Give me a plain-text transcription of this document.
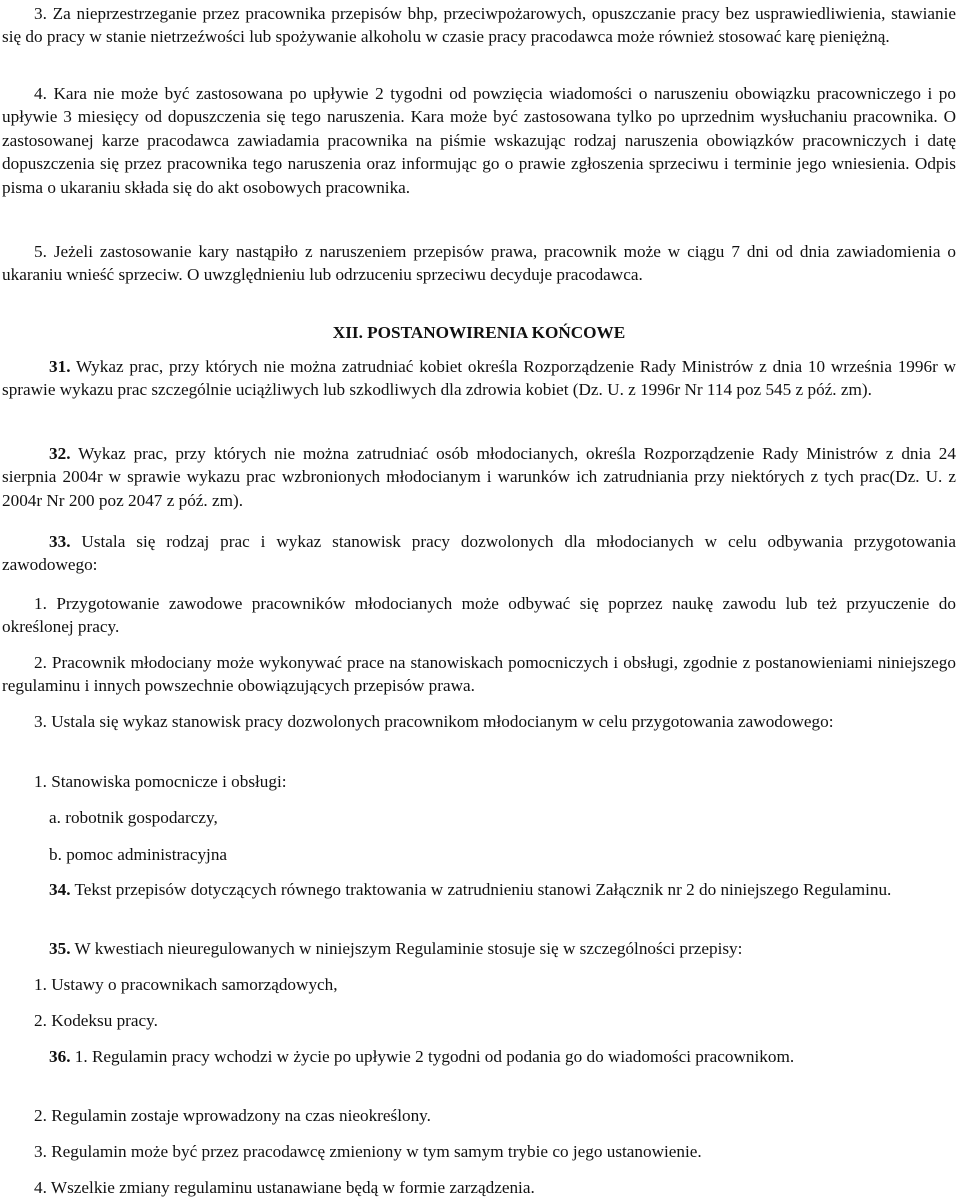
3. Za nieprzestrzeganie przez pracownika przepisów bhp, przeciwpożarowych, opuszczanie pracy bez usprawiedliwienia, stawianie się do pracy w stanie nietrzeźwości lub spożywanie alkoholu w czasie pracy pracodawca może również stosować karę pieniężną.

4. Kara nie może być zastosowana po upływie 2 tygodni od powzięcia wiadomości o naruszeniu obowiązku pracowniczego i po upływie 3 miesięcy od dopuszczenia się tego naruszenia. Kara może być zastosowana tylko po uprzednim wysłuchaniu pracownika. O zastosowanej karze pracodawca zawiadamia pracownika na piśmie wskazując rodzaj naruszenia obowiązków pracowniczych i datę dopuszczenia się przez pracownika tego naruszenia oraz informując go o prawie zgłoszenia sprzeciwu i terminie jego wniesienia. Odpis pisma o ukaraniu składa się do akt osobowych pracownika.

5. Jeżeli zastosowanie kary nastąpiło z naruszeniem przepisów prawa, pracownik może w ciągu 7 dni od dnia zawiadomienia o ukaraniu wnieść sprzeciw. O uwzględnieniu lub odrzuceniu sprzeciwu decyduje pracodawca.

XII. POSTANOWIRENIA KOŃCOWE

31. Wykaz prac, przy których nie można zatrudniać kobiet określa Rozporządzenie Rady Ministrów z dnia 10 września 1996r w sprawie wykazu prac szczególnie uciążliwych lub szkodliwych dla zdrowia kobiet (Dz. U. z 1996r Nr 114 poz 545 z póź. zm).

32. Wykaz prac, przy których nie można zatrudniać osób młodocianych, określa Rozporządzenie Rady Ministrów z dnia 24 sierpnia 2004r w sprawie wykazu prac wzbronionych młodocianym i warunków ich zatrudniania przy niektórych z tych prac(Dz. U. z 2004r Nr 200 poz 2047 z póź. zm).

33. Ustala się rodzaj prac i wykaz stanowisk pracy dozwolonych dla młodocianych w celu odbywania przygotowania zawodowego:

1. Przygotowanie zawodowe pracowników młodocianych może odbywać się poprzez naukę zawodu lub też przyuczenie do określonej pracy.

2. Pracownik młodociany może wykonywać prace na stanowiskach pomocniczych i obsługi, zgodnie z postanowieniami niniejszego regulaminu i innych powszechnie obowiązujących przepisów prawa.

3. Ustala się wykaz stanowisk pracy dozwolonych pracownikom młodocianym w celu przygotowania zawodowego:

1. Stanowiska pomocnicze i obsługi:

a. robotnik gospodarczy,

b. pomoc administracyjna

34. Tekst przepisów dotyczących równego traktowania w zatrudnieniu stanowi Załącznik nr 2 do niniejszego Regulaminu.

35. W kwestiach nieuregulowanych w niniejszym Regulaminie stosuje się w szczególności przepisy:

1. Ustawy o pracownikach samorządowych,

2. Kodeksu pracy.

36. 1. Regulamin pracy wchodzi w życie po upływie 2 tygodni od podania go do wiadomości pracownikom.

2. Regulamin zostaje wprowadzony na czas nieokreślony.

3. Regulamin może być przez pracodawcę zmieniony w tym samym trybie co jego ustanowienie.

4. Wszelkie zmiany regulaminu ustanawiane będą w formie zarządzenia.
